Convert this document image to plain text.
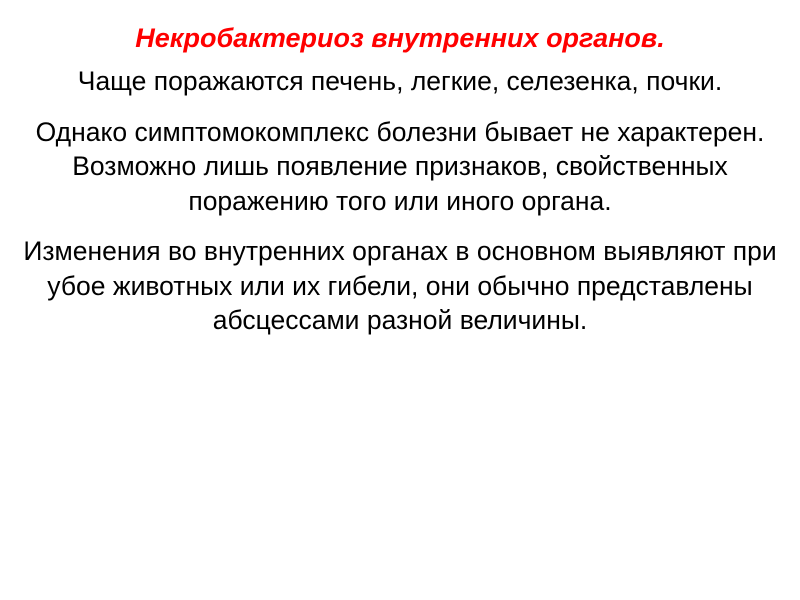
Некробактериоз внутренних органов.

Чаще поражаются печень, легкие, селезенка, почки.

Однако симптомокомплекс болезни бывает не характерен. Возможно лишь появление признаков, свойственных поражению того или иного органа.

Изменения во внутренних органах в основном выявляют при убое животных или их гибели, они обычно представлены абсцессами разной величины.
